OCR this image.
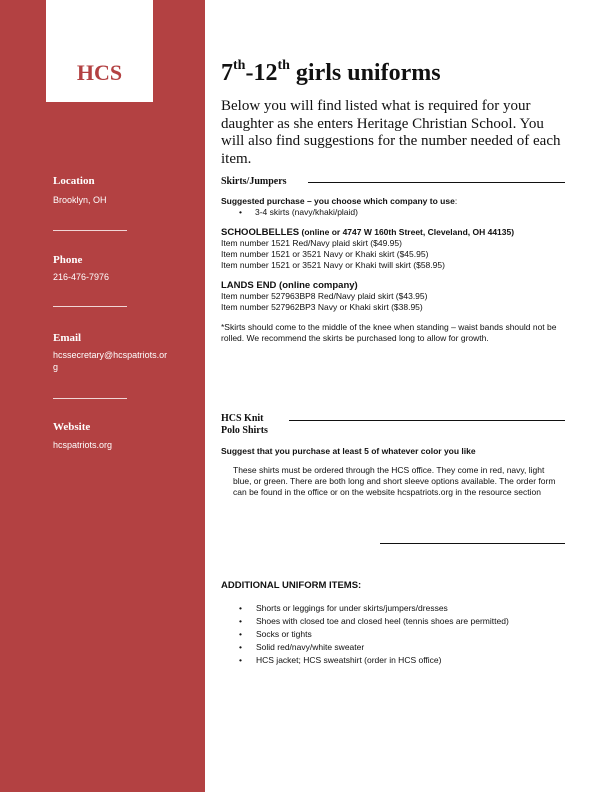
HCS
Location
Brooklyn, OH
Phone
216-476-7976
Email
hcssecretary@hcspatriots.org
Website
hcspatriots.org
7th-12th girls uniforms
Below you will find listed what is required for your daughter as she enters Heritage Christian School. You will also find suggestions for the number needed of each item.
Skirts/Jumpers
Suggested purchase – you choose which company to use:
• 3-4 skirts (navy/khaki/plaid)
SCHOOLBELLES (online or 4747 W 160th Street, Cleveland, OH 44135)
Item number 1521 Red/Navy plaid skirt ($49.95)
Item number 1521 or 3521 Navy or Khaki skirt ($45.95)
Item number 1521 or 3521 Navy or Khaki twill skirt ($58.95)
LANDS END (online company)
Item number 527963BP8 Red/Navy plaid skirt ($43.95)
Item number 527962BP3 Navy or Khaki skirt ($38.95)
*Skirts should come to the middle of the knee when standing – waist bands should not be rolled. We recommend the skirts be purchased long to allow for growth.
HCS Knit
Polo Shirts
Suggest that you purchase at least 5 of whatever color you like
These shirts must be ordered through the HCS office. They come in red, navy, light blue, or green. There are both long and short sleeve options available. The order form can be found in the office or on the website hcspatriots.org in the resource section
ADDITIONAL UNIFORM ITEMS:
• Shorts or leggings for under skirts/jumpers/dresses
• Shoes with closed toe and closed heel (tennis shoes are permitted)
• Socks or tights
• Solid red/navy/white sweater
• HCS jacket; HCS sweatshirt (order in HCS office)
